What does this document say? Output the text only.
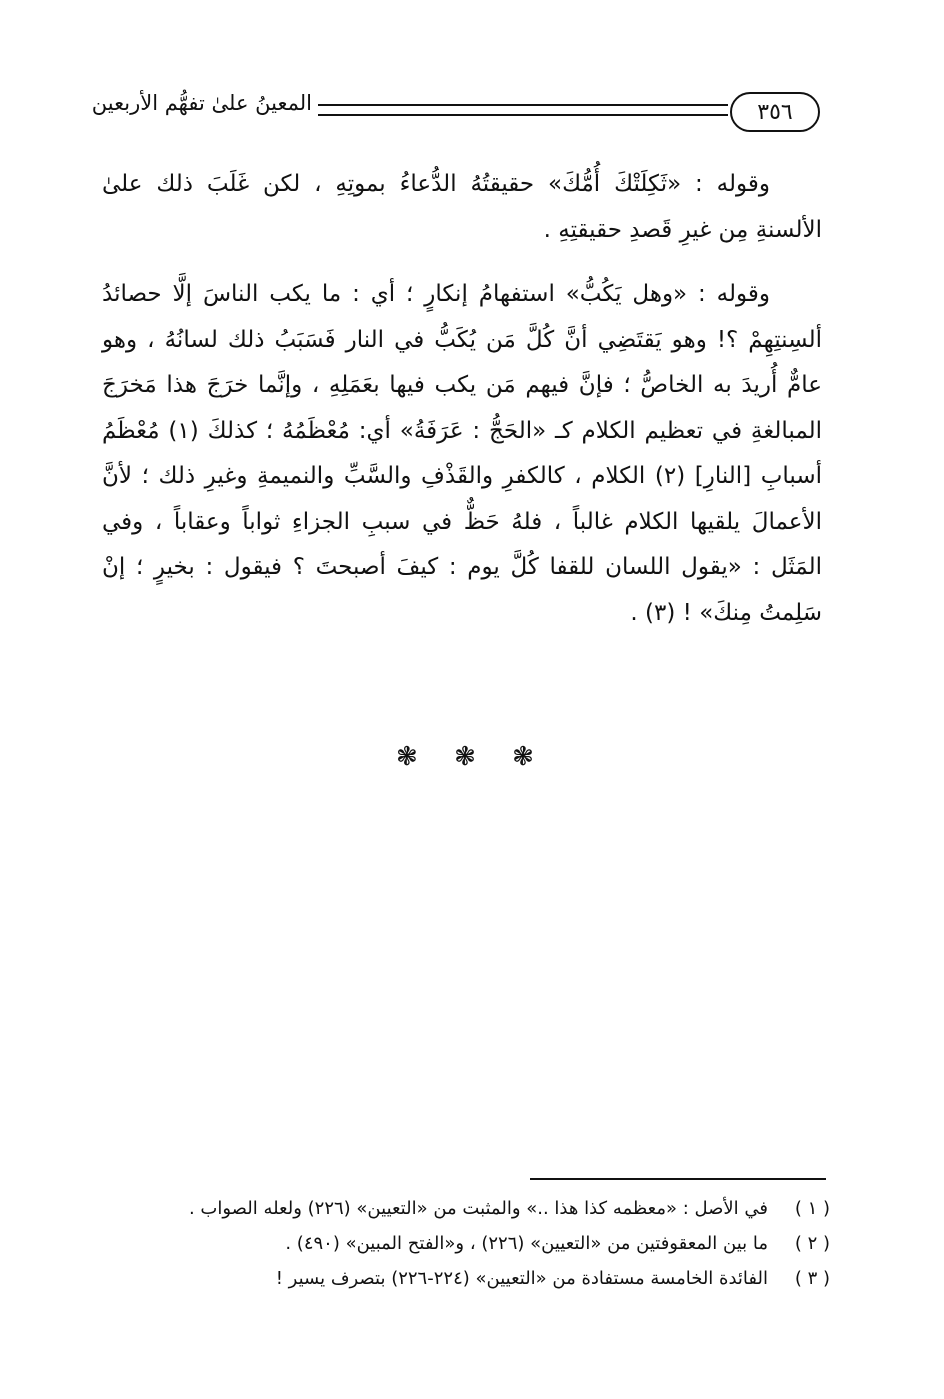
٣٥٦
المعينُ علىٰ تفهُّم الأربعين

وقوله : «ثَكِلَتْكَ أُمُّكَ» حقيقتُهُ الدُّعاءُ بموتِهِ ، لكن غَلَبَ ذلك علىٰ الألسنةِ مِن غيرِ قَصدِ حقيقتِهِ .

وقوله : «وهل يَكُبُّ» استفهامُ إنكارٍ ؛ أي : ما يكب الناسَ إلَّا حصائدُ ألسِنتِهِمْ ؟! وهو يَقتَضِي أنَّ كُلَّ مَن يُكَبُّ في النار فَسَبَبُ ذلك لسانُهُ ، وهو عامٌّ أُريدَ به الخاصُّ ؛ فإنَّ فيهم مَن يكب فيها بعَمَلِهِ ، وإنَّما خرَجَ هذا مَخرَجَ المبالغةِ في تعظيم الكلام كـ «الحَجُّ : عَرَفَةُ» أي: مُعْظَمُهُ ؛ كذلكَ (١) مُعْظَمُ أسبابِ [النارِ] (٢) الكلام ، كالكفرِ والقَذْفِ والسَّبِّ والنميمةِ وغيرِ ذلك ؛ لأنَّ الأعمالَ يلقيها الكلام غالباً ، فلهُ حَظٌّ في سببِ الجزاءِ ثواباً وعقاباً ، وفي المَثَل : «يقول اللسان للقفا كُلَّ يوم : كيفَ أصبحتَ ؟ فيقول : بخيرٍ ؛ إنْ سَلِمتُ مِنكَ» ! (٣) .

❃ ❃ ❃
( ١ )
في الأصل : «معظمه كذا هذا ..» والمثبت من «التعيين» (٢٢٦) ولعله الصواب .
( ٢ )
ما بين المعقوفتين من «التعيين» (٢٢٦) ، و«الفتح المبين» (٤٩٠) .
( ٣ )
الفائدة الخامسة مستفادة من «التعيين» (٢٢٤-٢٢٦) بتصرف يسير !
